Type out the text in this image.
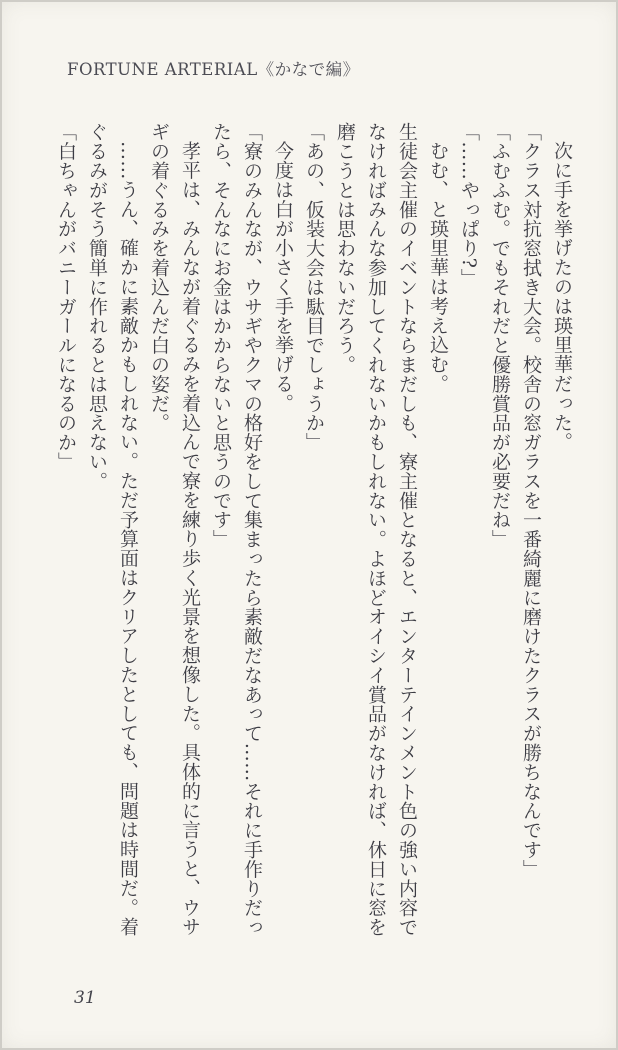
FORTUNE ARTERIAL《かなで編》

次に手を挙げたのは瑛里華だった。

「クラス対抗窓拭き大会。校舎の窓ガラスを一番綺麗に磨けたクラスが勝ちなんです」

「ふむふむ。でもそれだと優勝賞品が必要だね」

「……やっぱり?」

むむ、と瑛里華は考え込む。

生徒会主催のイベントならまだしも、寮主催となると、エンターテインメント色の強い内容でなければみんな参加してくれないかもしれない。よほどオイシイ賞品がなければ、休日に窓を磨こうとは思わないだろう。

「あの、仮装大会は駄目でしょうか」

今度は白が小さく手を挙げる。

「寮のみんなが、ウサギやクマの格好をして集まったら素敵だなあって……それに手作りだったら、そんなにお金はかからないと思うのです」

孝平は、みんなが着ぐるみを着込んで寮を練り歩く光景を想像した。具体的に言うと、ウサギの着ぐるみを着込んだ白の姿だ。

……うん、確かに素敵かもしれない。ただ予算面はクリアしたとしても、問題は時間だ。着ぐるみがそう簡単に作れるとは思えない。

「白ちゃんがバニーガールになるのか」

31
